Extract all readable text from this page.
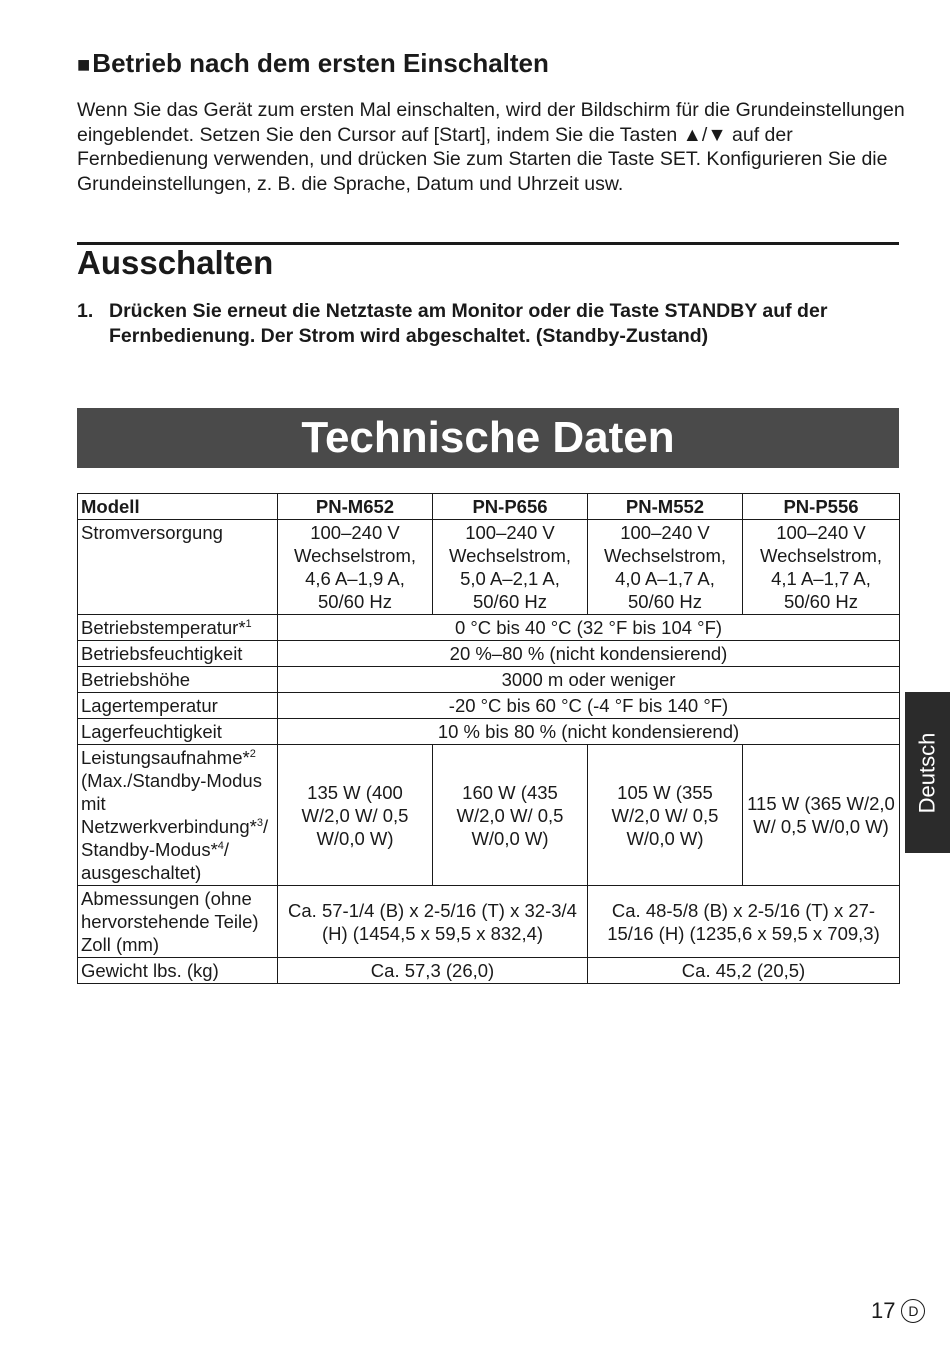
■Betrieb nach dem ersten Einschalten

Wenn Sie das Gerät zum ersten Mal einschalten, wird der Bildschirm für die Grundeinstellungen eingeblendet. Setzen Sie den Cursor auf [Start], indem Sie die Tasten ▲/▼ auf der Fernbedienung verwenden, und drücken Sie zum Starten die Taste SET. Konfigurieren Sie die Grundeinstellungen, z. B. die Sprache, Datum und Uhrzeit usw.

Ausschalten

1. Drücken Sie erneut die Netztaste am Monitor oder die Taste STANDBY auf der Fernbedienung. Der Strom wird abgeschaltet. (Standby-Zustand)

Technische Daten
Modell	PN-M652	PN-P656	PN-M552	PN-P556
Stromversorgung	100–240 V Wechselstrom, 4,6 A–1,9 A, 50/60 Hz	100–240 V Wechselstrom, 5,0 A–2,1 A, 50/60 Hz	100–240 V Wechselstrom, 4,0 A–1,7 A, 50/60 Hz	100–240 V Wechselstrom, 4,1 A–1,7 A, 50/60 Hz
Betriebstemperatur*$^1$	0 °C bis 40 °C (32 °F bis 104 °F)			
Betriebsfeuchtigkeit	20 %–80 % (nicht kondensierend)			
Betriebshöhe	3000 m oder weniger			
Lagertemperatur	-20 °C bis 60 °C (-4 °F bis 140 °F)			
Lagerfeuchtigkeit	10 % bis 80 % (nicht kondensierend)			
Leistungsaufnahme*$^2$ (Max./Standby-Modus mit Netzwerkverbindung*$^3$/ Standby-Modus*$^4$/ ausgeschaltet)	135 W (400 W/2,0 W/ 0,5 W/0,0 W)	160 W (435 W/2,0 W/ 0,5 W/0,0 W)	105 W (355 W/2,0 W/ 0,5 W/0,0 W)	115 W (365 W/2,0 W/ 0,5 W/0,0 W)
Abmessungen (ohne hervorstehende Teile) Zoll (mm)	Ca. 57-1/4 (B) x 2-5/16 (T) x 32-3/4 (H) (1454,5 x 59,5 x 832,4)		Ca. 48-5/8 (B) x 2-5/16 (T) x 27-15/16 (H) (1235,6 x 59,5 x 709,3)	
Gewicht lbs. (kg)	Ca. 57,3 (26,0)		Ca. 45,2 (20,5)	
Deutsch
17 D
